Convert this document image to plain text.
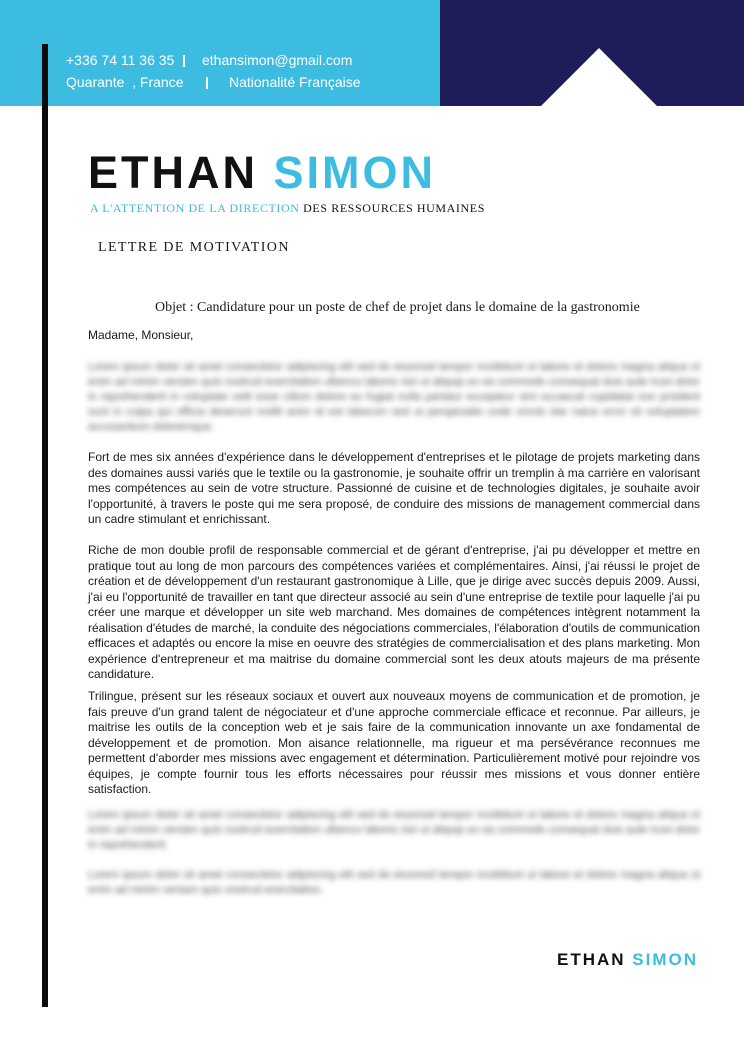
+336 74 11 36 35 ethansimon@gmail.com
Quarante  , France	Nationalité Française
ETHAN SIMON
A L'ATTENTION DE LA DIRECTION DES RESSOURCES HUMAINES
LETTRE DE MOTIVATION
Objet : Candidature pour un poste de chef de projet dans le domaine de la gastronomie
Madame, Monsieur,
Lorem ipsum dolor sit amet consectetur adipiscing elit sed do eiusmod tempor incididunt ut labore et dolore magna aliqua ut enim ad minim veniam quis nostrud exercitation ullamco laboris nisi ut aliquip ex ea commodo consequat duis aute irure dolor in reprehenderit in voluptate velit esse cillum dolore eu fugiat nulla pariatur excepteur sint occaecat cupidatat non proident sunt in culpa qui officia deserunt mollit anim id est laborum sed ut perspiciatis unde omnis iste natus error sit voluptatem accusantium doloremque.
Fort de mes six années d'expérience dans le développement d'entreprises et le pilotage de projets marketing dans des domaines aussi variés que le textile ou la gastronomie, je souhaite offrir un tremplin à ma carrière en valorisant mes compétences au sein de votre structure. Passionné de cuisine et de technologies digitales, je souhaite avoir l'opportunité, à travers le poste qui me sera proposé, de conduire des missions de management commercial dans un cadre stimulant et enrichissant.
Riche de mon double profil de responsable commercial et de gérant d'entreprise, j'ai pu développer et mettre en pratique tout au long de mon parcours des compétences variées et complémentaires. Ainsi, j'ai réussi le projet de création et de développement d'un restaurant gastronomique à Lille, que je dirige avec succès depuis 2009. Aussi, j'ai eu l'opportunité de travailler en tant que directeur associé au sein d'une entreprise de textile pour laquelle j'ai pu créer une marque et développer un site web marchand. Mes domaines de compétences intègrent notamment la réalisation d'études de marché, la conduite des négociations commerciales, l'élaboration d'outils de communication efficaces et adaptés ou encore la mise en oeuvre des stratégies de commercialisation et des plans marketing. Mon expérience d'entrepreneur et ma maitrise du domaine commercial sont les deux atouts majeurs de ma présente candidature.
Trilingue, présent sur les réseaux sociaux et ouvert aux nouveaux moyens de communication et de promotion, je fais preuve d'un grand talent de négociateur et d'une approche commerciale efficace et reconnue. Par ailleurs, je maitrise les outils de la conception web et je sais faire de la communication innovante un axe fondamental de développement et de promotion. Mon aisance relationnelle, ma rigueur et ma persévérance reconnues me permettent d'aborder mes missions avec engagement et détermination. Particulièrement motivé pour rejoindre vos équipes, je compte fournir tous les efforts nécessaires pour réussir mes missions et vous donner entière satisfaction.
Lorem ipsum dolor sit amet consectetur adipiscing elit sed do eiusmod tempor incididunt ut labore et dolore magna aliqua ut enim ad minim veniam quis nostrud exercitation ullamco laboris nisi ut aliquip ex ea commodo consequat duis aute irure dolor in reprehenderit.
Lorem ipsum dolor sit amet consectetur adipiscing elit sed do eiusmod tempor incididunt ut labore et dolore magna aliqua ut enim ad minim veniam quis nostrud exercitation.
ETHAN SIMON
